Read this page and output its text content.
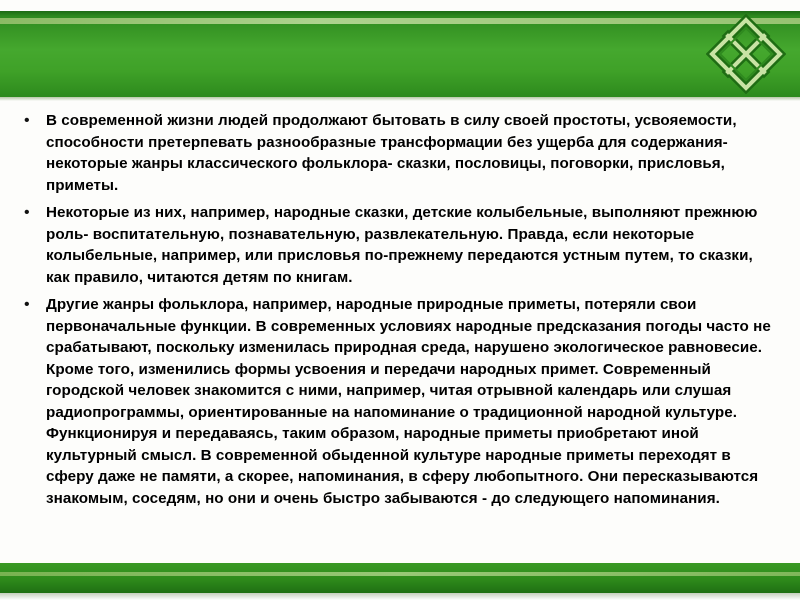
• В современной жизни людей продолжают бытовать в силу своей простоты, усвояемости, способности претерпевать разнообразные трансформации без ущерба для содержания- некоторые жанры классического фольклора- сказки, пословицы, поговорки, присловья, приметы.
• Некоторые из них, например, народные сказки, детские колыбельные, выполняют прежнюю роль- воспитательную, познавательную, развлекательную. Правда, если некоторые колыбельные, например, или присловья по-прежнему передаются устным путем, то сказки, как правило, читаются детям по книгам.
• Другие жанры фольклора, например, народные природные приметы, потеряли свои первоначальные функции. В современных условиях народные предсказания погоды часто не срабатывают, поскольку изменилась природная среда, нарушено экологическое равновесие. Кроме того, изменились формы усвоения и передачи народных примет. Современный городской человек знакомится с ними, например, читая отрывной календарь или слушая радиопрограммы, ориентированные на напоминание о традиционной народной культуре. Функционируя и передаваясь, таким образом, народные приметы приобретают иной культурный смысл. В современной обыденной культуре народные приметы переходят в сферу даже не памяти, а скорее, напоминания, в сферу любопытного. Они пересказываются знакомым, соседям, но они и очень быстро забываются - до следующего напоминания.
